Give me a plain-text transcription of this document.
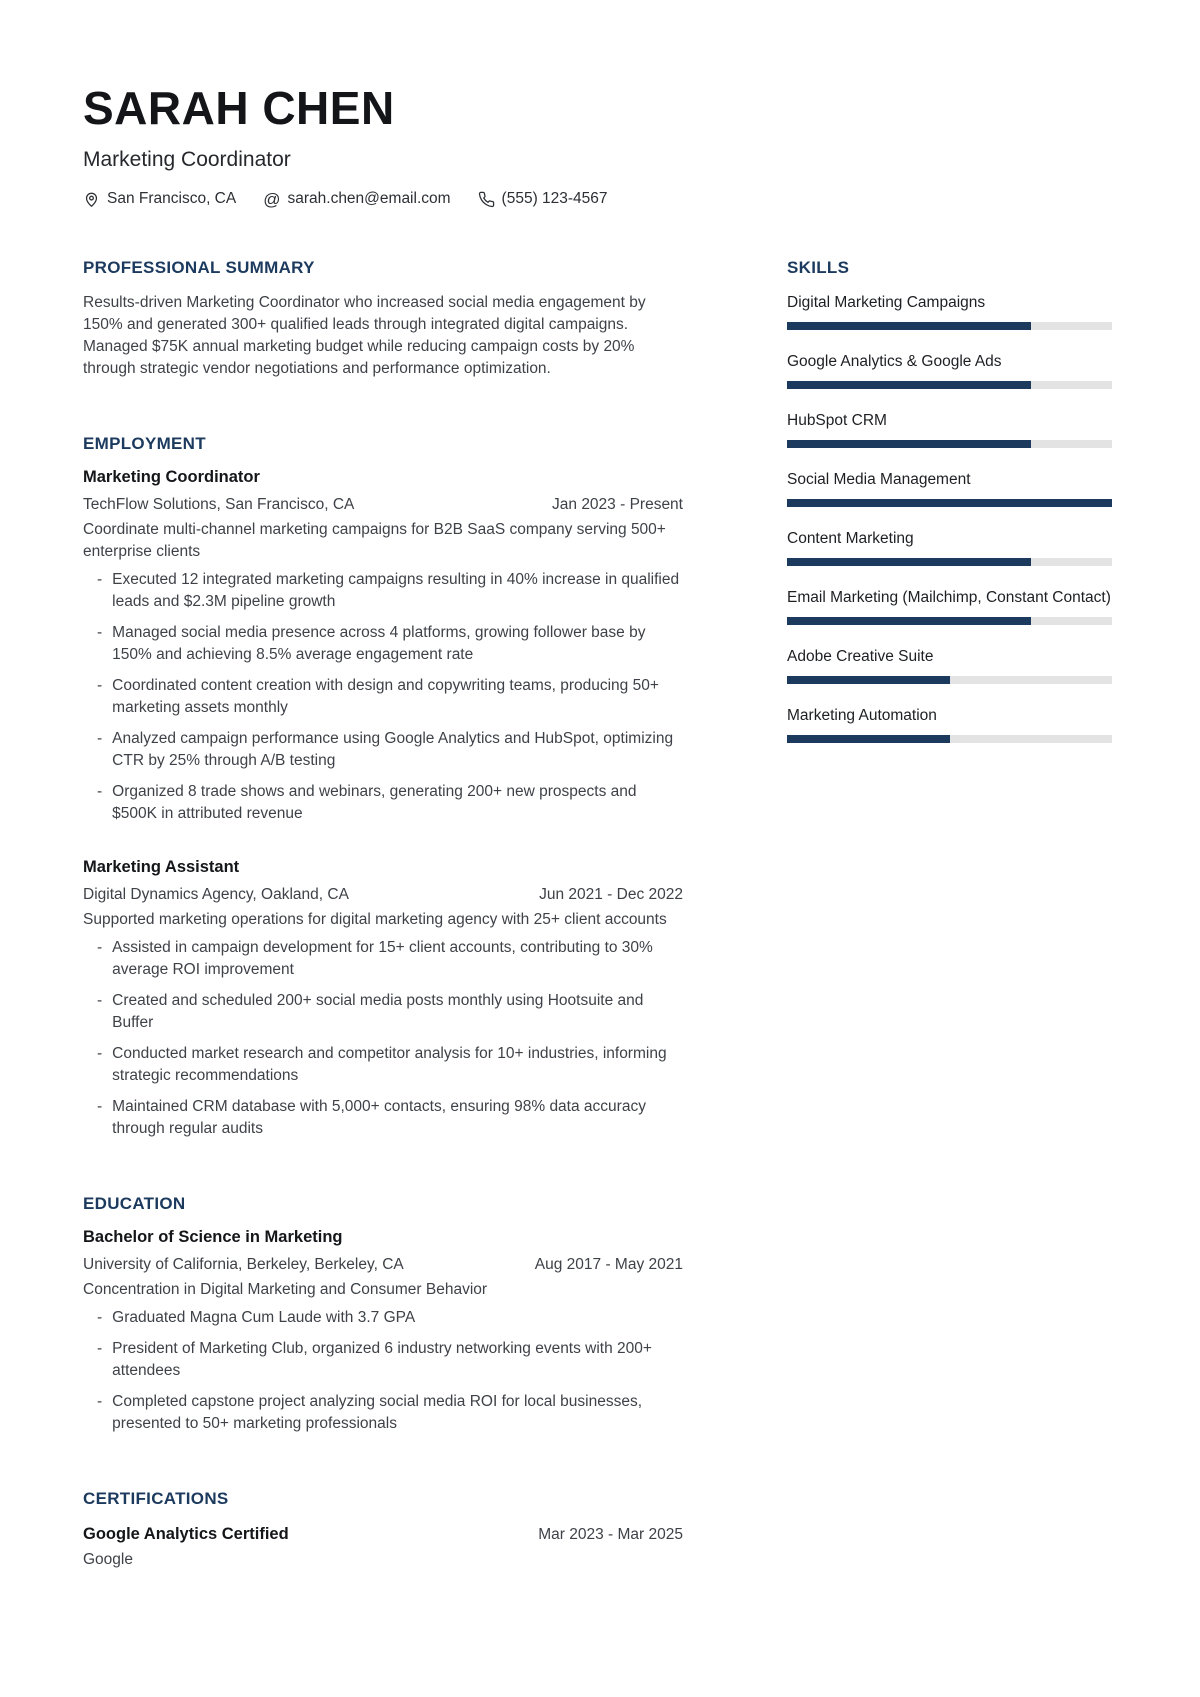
SARAH CHEN
Marketing Coordinator
San Francisco, CA @ sarah.chen@email.com	(555) 123-4567
PROFESSIONAL SUMMARY

Results-driven Marketing Coordinator who increased social media engagement by 150% and generated 300+ qualified leads through integrated digital campaigns. Managed $75K annual marketing budget while reducing campaign costs by 20% through strategic vendor negotiations and performance optimization.

EMPLOYMENT
Marketing Coordinator
TechFlow Solutions, San Francisco, CA	Jan 2023 - Present

Coordinate multi-channel marketing campaigns for B2B SaaS company serving 500+ enterprise clients

- Executed 12 integrated marketing campaigns resulting in 40% increase in qualified leads and $2.3M pipeline growth
- Managed social media presence across 4 platforms, growing follower base by 150% and achieving 8.5% average engagement rate
- Coordinated content creation with design and copywriting teams, producing 50+ marketing assets monthly
- Analyzed campaign performance using Google Analytics and HubSpot, optimizing CTR by 25% through A/B testing
- Organized 8 trade shows and webinars, generating 200+ new prospects and $500K in attributed revenue
Marketing Assistant
Digital Dynamics Agency, Oakland, CA	Jun 2021 - Dec 2022

Supported marketing operations for digital marketing agency with 25+ client accounts

- Assisted in campaign development for 15+ client accounts, contributing to 30% average ROI improvement
- Created and scheduled 200+ social media posts monthly using Hootsuite and Buffer
- Conducted market research and competitor analysis for 10+ industries, informing strategic recommendations
- Maintained CRM database with 5,000+ contacts, ensuring 98% data accuracy through regular audits
EDUCATION
Bachelor of Science in Marketing
University of California, Berkeley, Berkeley, CA	Aug 2017 - May 2021

Concentration in Digital Marketing and Consumer Behavior

- Graduated Magna Cum Laude with 3.7 GPA
- President of Marketing Club, organized 6 industry networking events with 200+ attendees
- Completed capstone project analyzing social media ROI for local businesses, presented to 50+ marketing professionals
CERTIFICATIONS
Google Analytics Certified	Mar 2023 - Mar 2025

Google

SKILLS
Digital Marketing Campaigns
Google Analytics & Google Ads
HubSpot CRM
Social Media Management
Content Marketing
Email Marketing (Mailchimp, Constant Contact)
Adobe Creative Suite
Marketing Automation
